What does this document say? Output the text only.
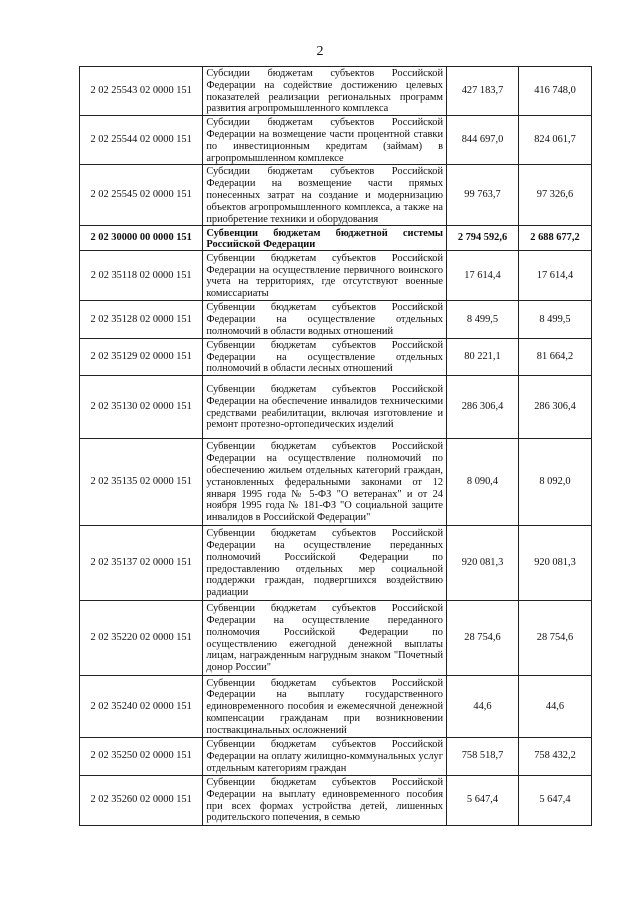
2
2 02 25543 02 0000 151	Субсидии бюджетам субъектов Российской Федерации на содействие достижению целевых показателей реализации региональных программ развития агропромышленного комплекса	427 183,7	416 748,0
2 02 25544 02 0000 151	Субсидии бюджетам субъектов Российской Федерации на возмещение части процентной ставки по инвестиционным кредитам (займам) в агропромышленном комплексе	844 697,0	824 061,7
2 02 25545 02 0000 151	Субсидии бюджетам субъектов Российской Федерации на возмещение части прямых понесенных затрат на создание и модернизацию объектов агропромышленного комплекса, а также на приобретение техники и оборудования	99 763,7	97 326,6
2 02 30000 00 0000 151	Субвенции бюджетам бюджетной системы Российской Федерации	2 794 592,6	2 688 677,2
2 02 35118 02 0000 151	Субвенции бюджетам субъектов Российской Федерации на осуществление первичного воинского учета на территориях, где отсутствуют военные комиссариаты	17 614,4	17 614,4
2 02 35128 02 0000 151	Субвенции бюджетам субъектов Российской Федерации на осуществление отдельных полномочий в области водных отношений	8 499,5	8 499,5
2 02 35129 02 0000 151	Субвенции бюджетам субъектов Российской Федерации на осуществление отдельных полномочий в области лесных отношений	80 221,1	81 664,2
2 02 35130 02 0000 151	Субвенции бюджетам субъектов Российской Федерации на обеспечение инвалидов техническими средствами реабилитации, включая изготовление и ремонт протезно-ортопедических изделий	286 306,4	286 306,4
2 02 35135 02 0000 151	Субвенции бюджетам субъектов Российской Федерации на осуществление полномочий по обеспечению жильем отдельных категорий граждан, установленных федеральными законами от 12 января 1995 года № 5-ФЗ "О ветеранах" и от 24 ноября 1995 года № 181-ФЗ "О социальной защите инвалидов в Российской Федерации"	8 090,4	8 092,0
2 02 35137 02 0000 151	Субвенции бюджетам субъектов Российской Федерации на осуществление переданных полномочий Российской Федерации по предоставлению отдельных мер социальной поддержки граждан, подвергшихся воздействию радиации	920 081,3	920 081,3
2 02 35220 02 0000 151	Субвенции бюджетам субъектов Российской Федерации на осуществление переданного полномочия Российской Федерации по осуществлению ежегодной денежной выплаты лицам, награжденным нагрудным знаком "Почетный донор России"	28 754,6	28 754,6
2 02 35240 02 0000 151	Субвенции бюджетам субъектов Российской Федерации на выплату государственного единовременного пособия и ежемесячной денежной компенсации гражданам при возникновении поствакцинальных осложнений	44,6	44,6
2 02 35250 02 0000 151	Субвенции бюджетам субъектов Российской Федерации на оплату жилищно-коммунальных услуг отдельным категориям граждан	758 518,7	758 432,2
2 02 35260 02 0000 151	Субвенции бюджетам субъектов Российской Федерации на выплату единовременного пособия при всех формах устройства детей, лишенных родительского попечения, в семью	5 647,4	5 647,4
